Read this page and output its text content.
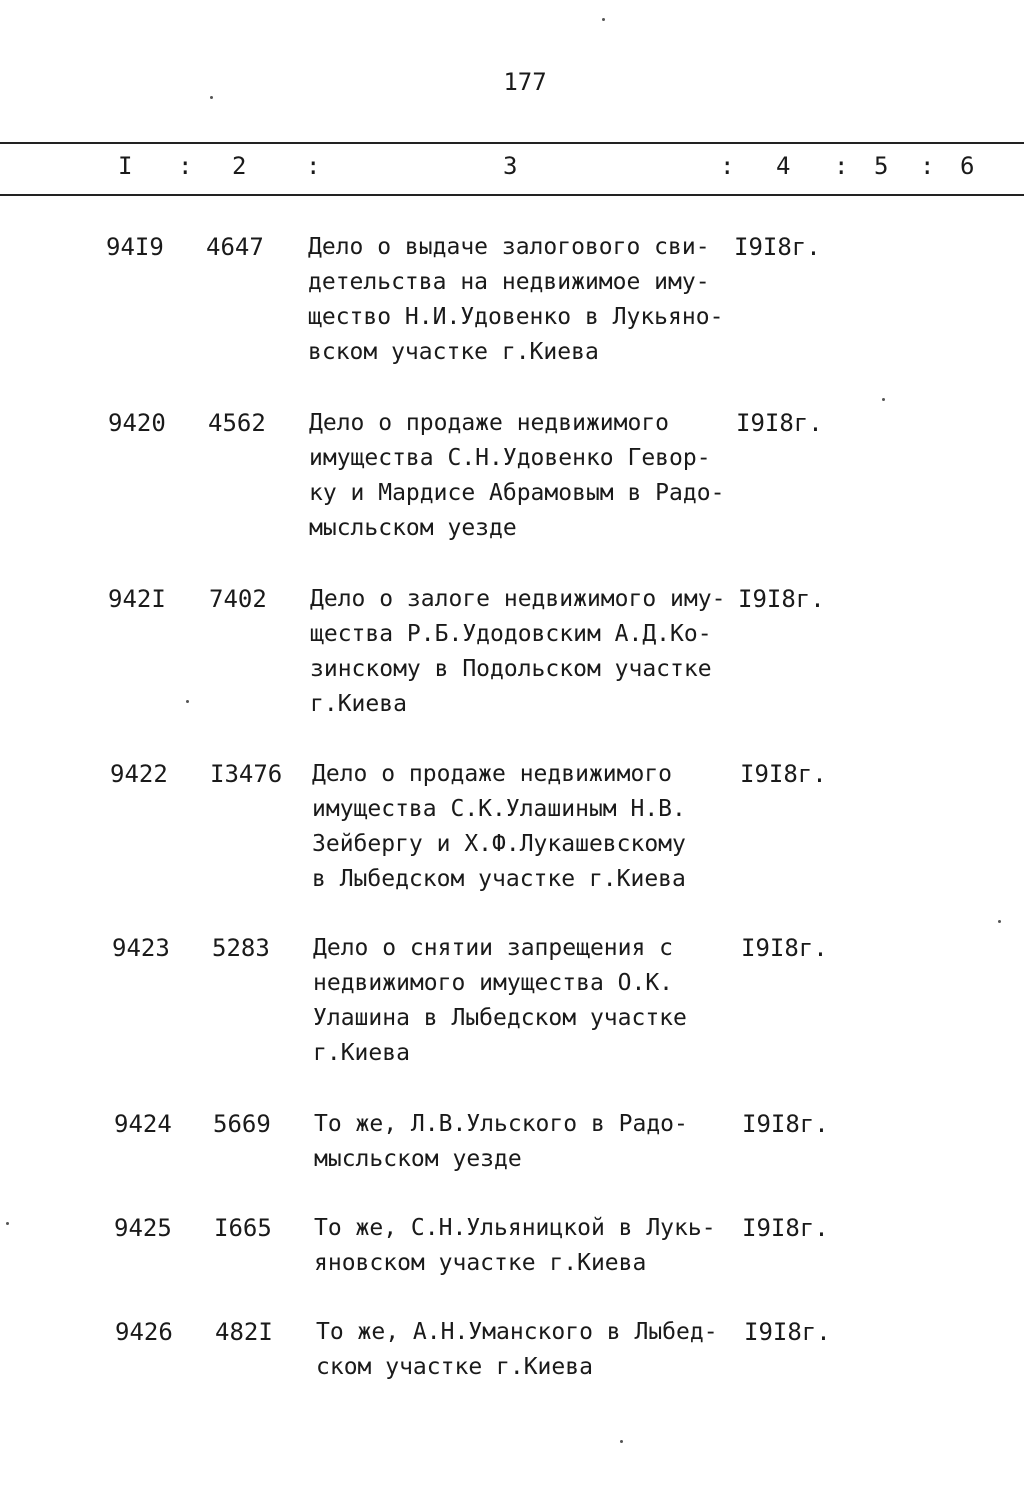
177
I : 2 :	3	: 4 : 5 : 6
94I9 4647 Дело о выдаче залогового сви-
детельства на недвижимое иму-
щество Н.И.Удовенко в Лукьяно-
вском участке г.Киева
I9I8г.
9420 4562 Дело о продаже недвижимого
имущества С.Н.Удовенко Гевор-
ку и Мардисе Абрамовым в Радо-
мысльском уезде
I9I8г.
942I 7402 Дело о залоге недвижимого иму-
щества Р.Б.Удодовским А.Д.Ко-
зинскому в Подольском участке
г.Киева
I9I8г.
9422 I3476 Дело о продаже недвижимого
имущества С.К.Улашиным Н.В.
Зейбергу и Х.Ф.Лукашевскому
в Лыбедском участке г.Киева
I9I8г.
9423 5283 Дело о снятии запрещения с
недвижимого имущества О.К.
Улашина в Лыбедском участке
г.Киева
I9I8г.
9424 5669 То же, Л.В.Ульского в Радо-
мысльском уезде
I9I8г.
9425 I665 То же, С.Н.Ульяницкой в Лукь-
яновском участке г.Киева
I9I8г.
9426 482I То же, А.Н.Уманского в Лыбед-
ском участке г.Киева
I9I8г.
